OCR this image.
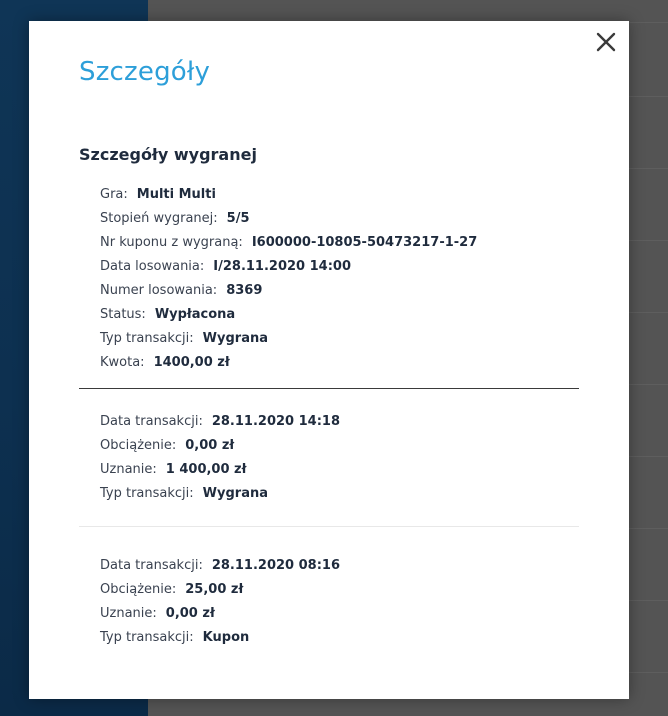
Szczegóły
Szczegóły wygranej
Gra: Multi Multi
Stopień wygranej: 5/5
Nr kuponu z wygraną: I600000-10805-50473217-1-27
Data losowania: I/28.11.2020 14:00
Numer losowania: 8369
Status: Wypłacona
Typ transakcji: Wygrana
Kwota: 1400,00 zł
Data transakcji: 28.11.2020 14:18
Obciążenie: 0,00 zł
Uznanie: 1 400,00 zł
Typ transakcji: Wygrana
Data transakcji: 28.11.2020 08:16
Obciążenie: 25,00 zł
Uznanie: 0,00 zł
Typ transakcji: Kupon
